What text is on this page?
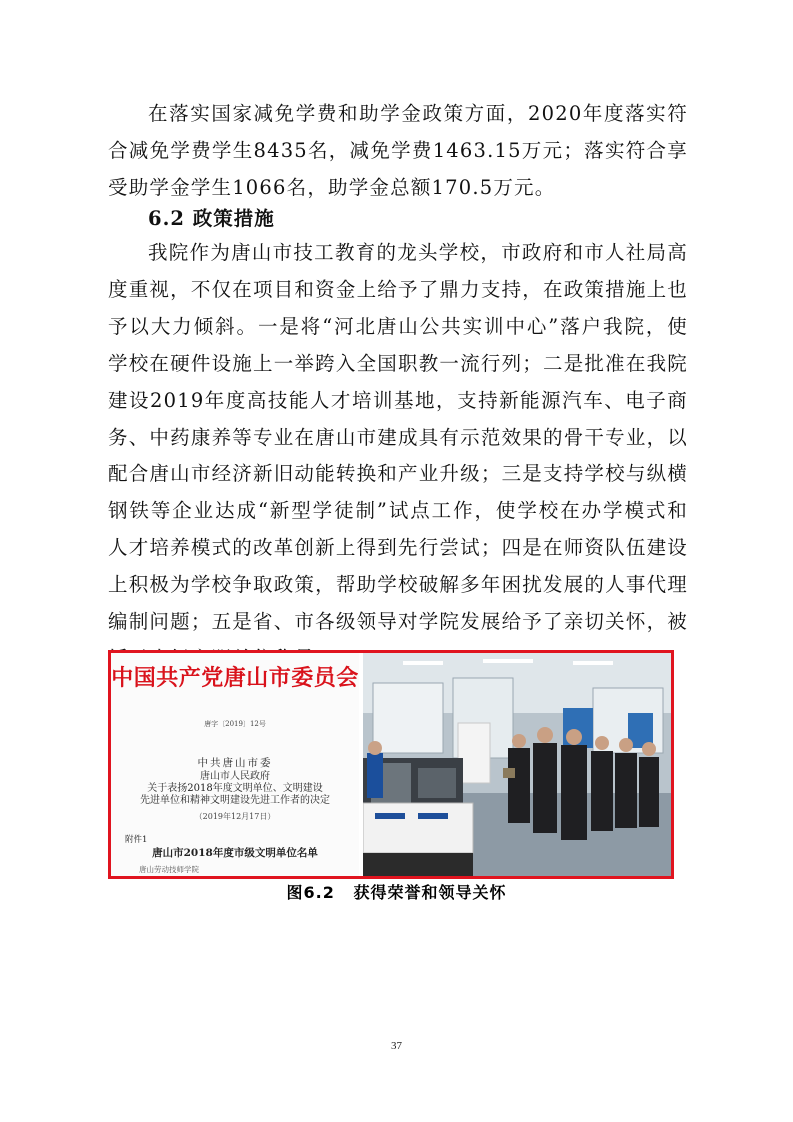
在落实国家减免学费和助学金政策方面，2020年度落实符合减免学费学生8435名，减免学费1463.15万元；落实符合享受助学金学生1066名，助学金总额170.5万元。

6.2 政策措施

我院作为唐山市技工教育的龙头学校，市政府和市人社局高度重视，不仅在项目和资金上给予了鼎力支持，在政策措施上也予以大力倾斜。一是将“河北唐山公共实训中心”落户我院，使学校在硬件设施上一举跨入全国职教一流行列；二是批准在我院建设2019年度高技能人才培训基地，支持新能源汽车、电子商务、中药康养等专业在唐山市建成具有示范效果的骨干专业，以配合唐山市经济新旧动能转换和产业升级；三是支持学校与纵横钢铁等企业达成“新型学徒制”试点工作，使学校在办学模式和人才培养模式的改革创新上得到先行尝试；四是在师资队伍建设上积极为学校争取政策，帮助学校破解多年困扰发展的人事代理编制问题；五是省、市各级领导对学院发展给予了亲切关怀，被

中国共产党唐山市委员会
唐字〔2019〕12号
中共唐山市委
唐山市人民政府
关于表扬2018年度文明单位、文明建设
先进单位和精神文明建设先进工作者的决定
（2019年12月17日）
附件1
唐山市2018年度市级文明单位名单
唐山劳动技师学院
图6.2 获得荣誉和领导关怀
37
